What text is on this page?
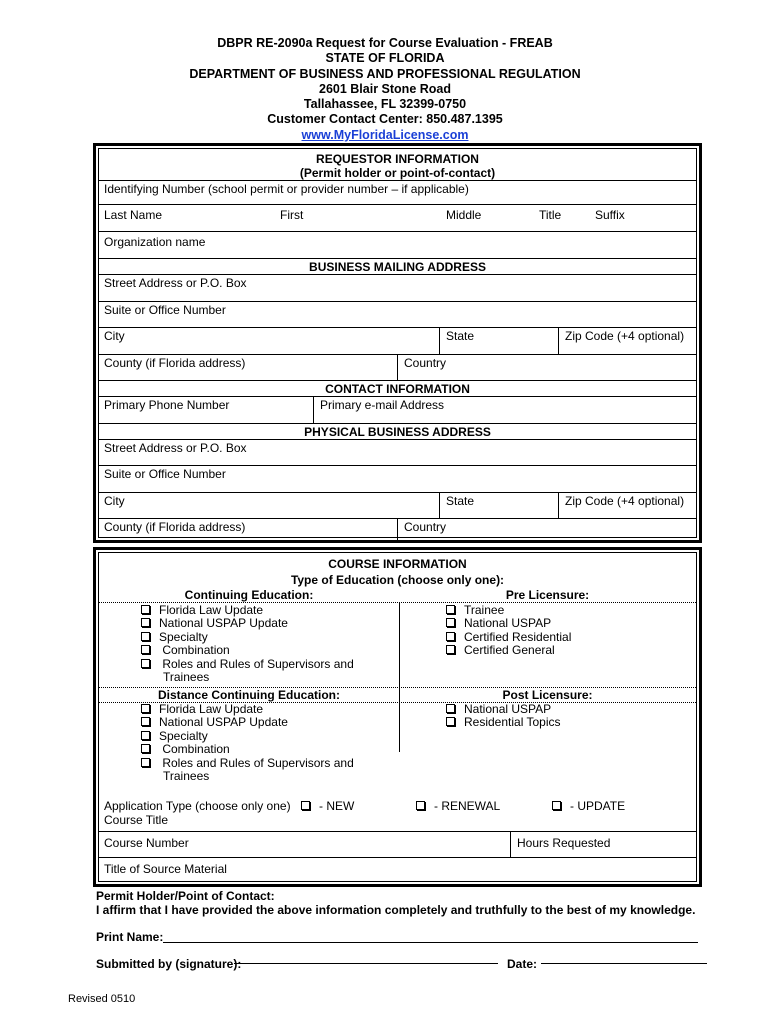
DBPR RE-2090a Request for Course Evaluation - FREAB
STATE OF FLORIDA
DEPARTMENT OF BUSINESS AND PROFESSIONAL REGULATION
2601 Blair Stone Road
Tallahassee, FL 32399-0750
Customer Contact Center: 850.487.1395
www.MyFloridaLicense.com
REQUESTOR INFORMATION
(Permit holder or point-of-contact)
Identifying Number (school permit or provider number – if applicable)
Last Name	First	Middle	Title	Suffix
Organization name
BUSINESS MAILING ADDRESS
Street Address or P.O. Box
Suite or Office Number
City	State	Zip Code (+4 optional)
County (if Florida address)	Country
CONTACT INFORMATION
Primary Phone Number	Primary e-mail Address
PHYSICAL BUSINESS ADDRESS
Street Address or P.O. Box
Suite or Office Number
City	State	Zip Code (+4 optional)
County (if Florida address)	Country
COURSE INFORMATION
Type of Education (choose only one):
Continuing Education:	Pre Licensure:
Florida Law Update
National USPAP Update
Specialty
Combination
Roles and Rules of Supervisors and
Trainees
Trainee
National USPAP
Certified Residential
Certified General
Distance Continuing Education:	Post Licensure:
Florida Law Update
National USPAP Update
Specialty
Combination
Roles and Rules of Supervisors and
Trainees
National USPAP
Residential Topics
Application Type (choose only one)	- NEW	- RENEWAL	- UPDATE
Course Title
Course Number	Hours Requested
Title of Source Material
Permit Holder/Point of Contact:
I affirm that I have provided the above information completely and truthfully to the best of my knowledge.
Print Name:
Submitted by (signature):	Date:
Revised 0510
